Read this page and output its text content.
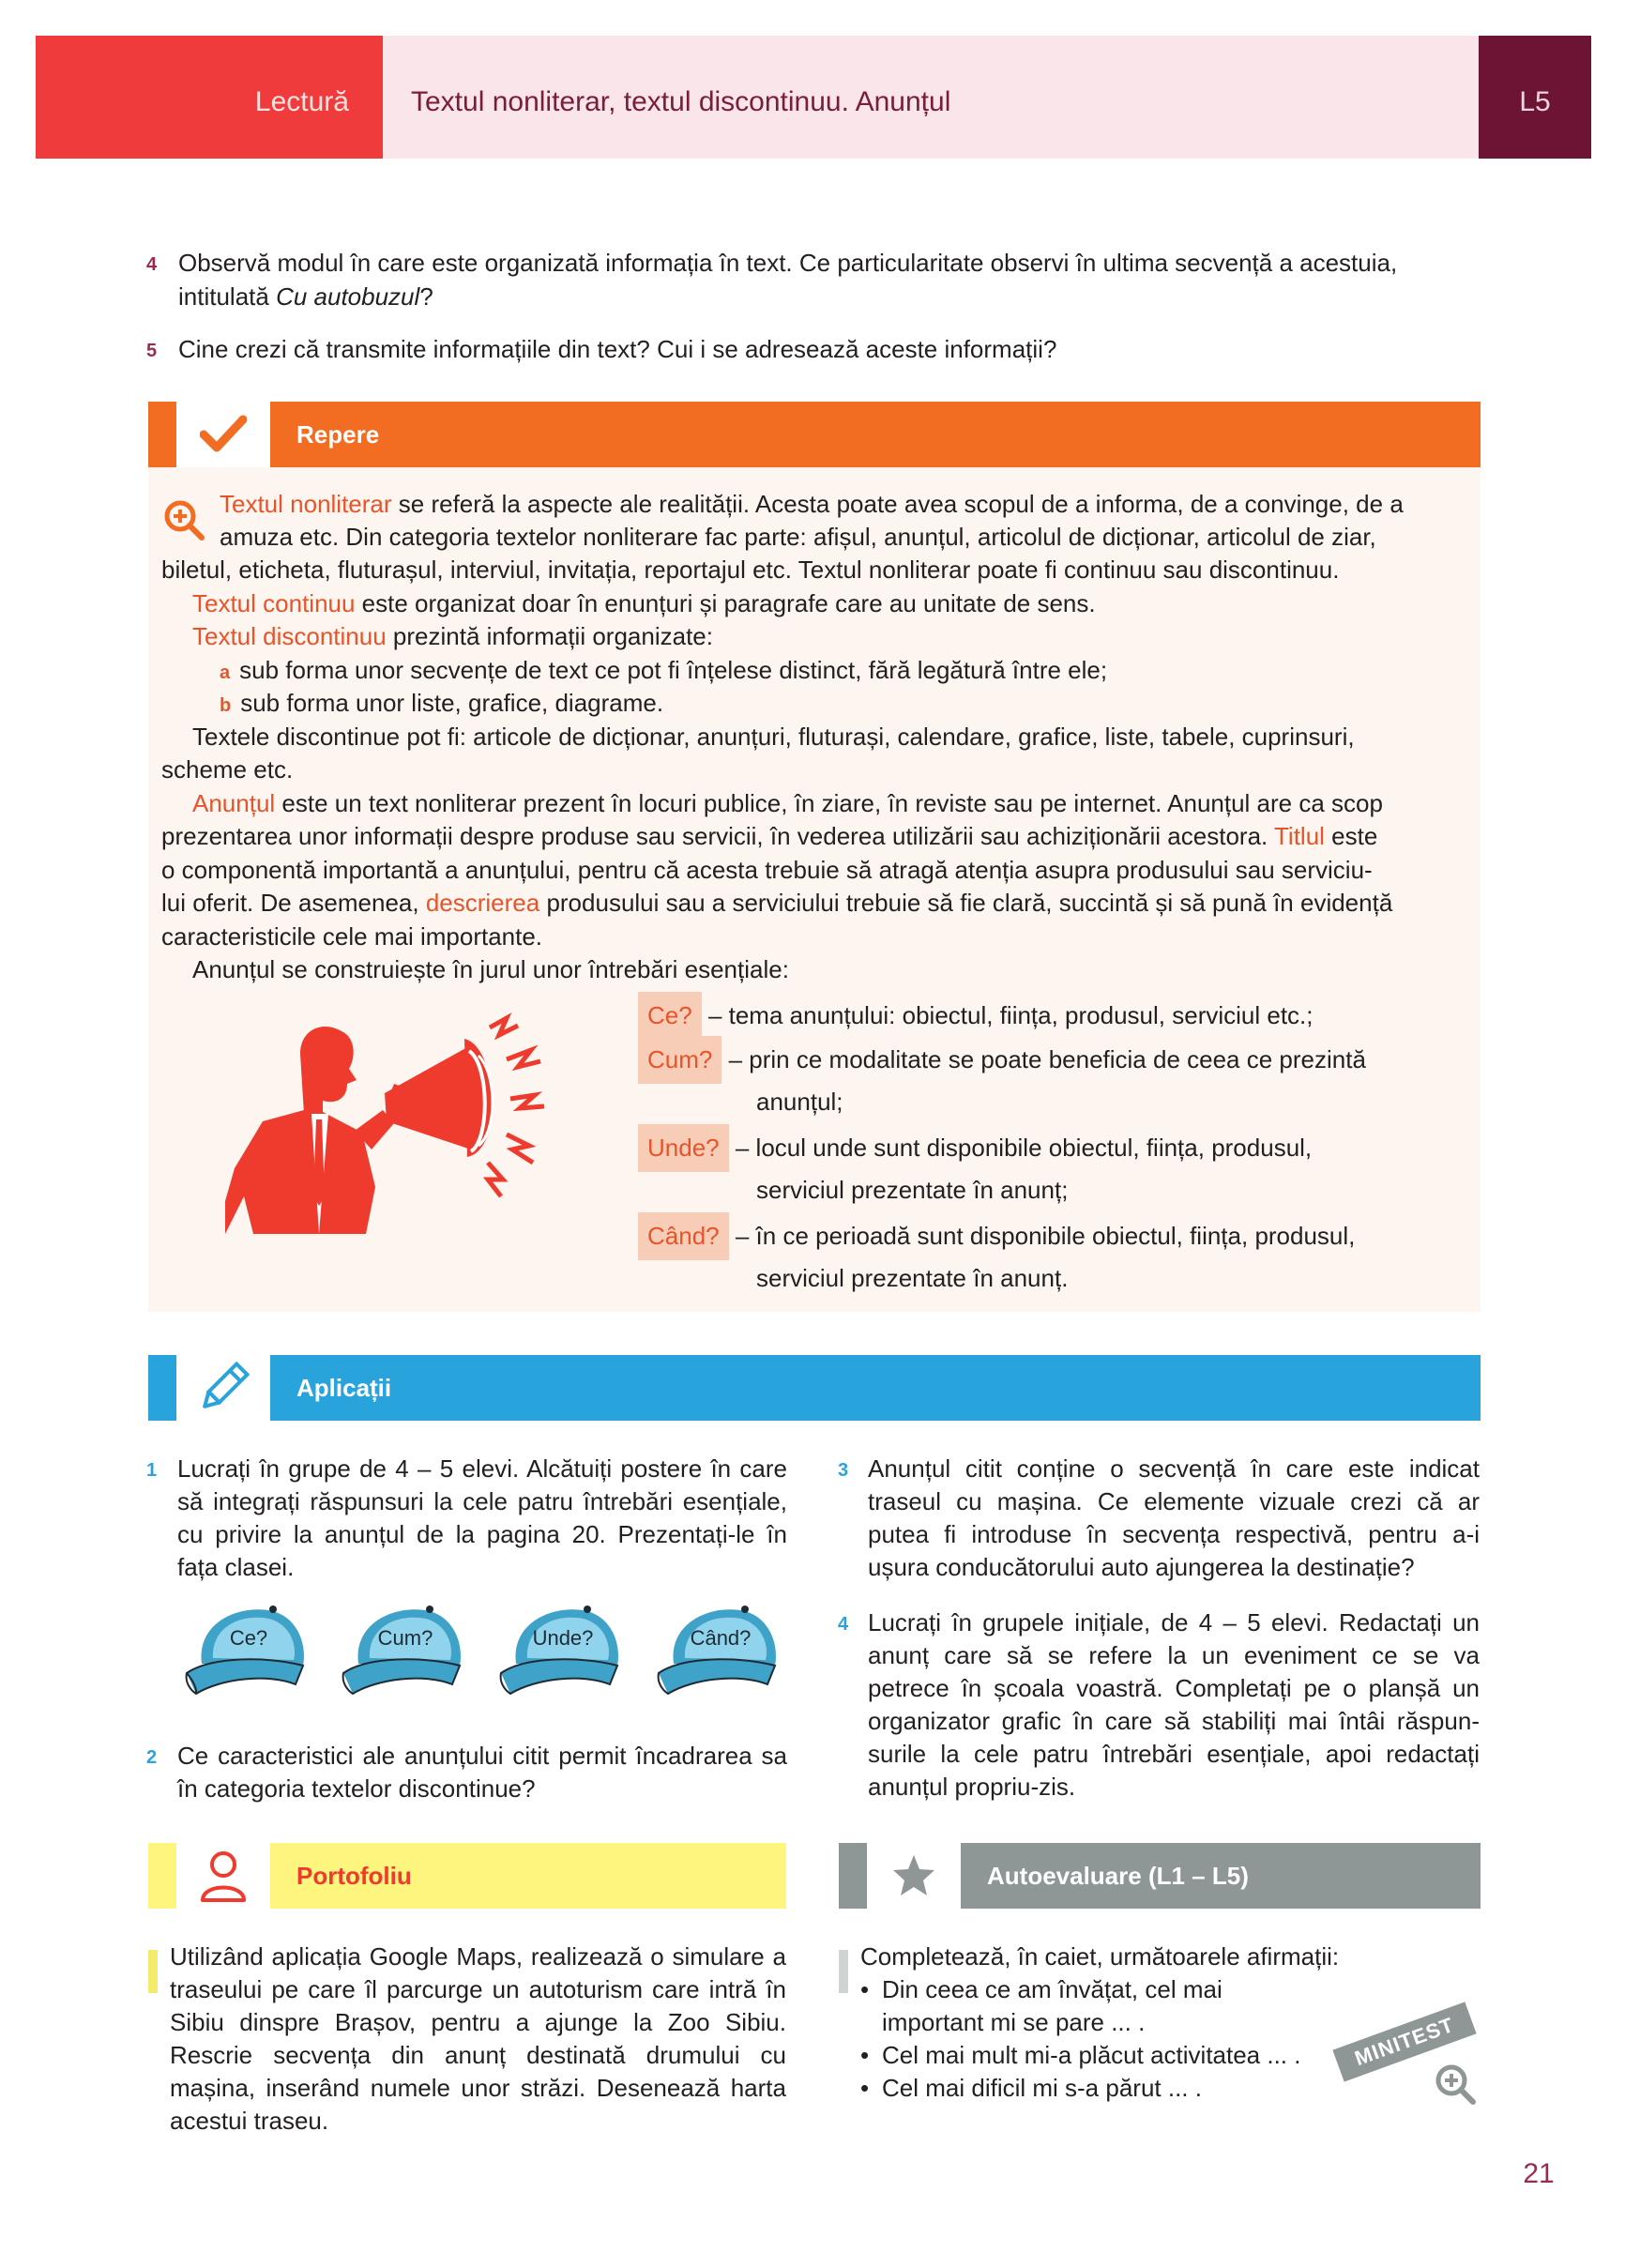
Lectură	Textul nonliterar, textul discontinuu. Anunțul	L5
4 Observă modul în care este organizată informația în text. Ce particularitate observi în ultima secvență a acestuia, intitulată Cu autobuzul?
5 Cine crezi că transmite informațiile din text? Cui i se adresează aceste informații?
Repere
Textul nonliterar se referă la aspecte ale realității. Acesta poate avea scopul de a informa, de a convinge, de a
amuza etc. Din categoria textelor nonliterare fac parte: afișul, anunțul, articolul de dicționar, articolul de ziar,
biletul, eticheta, fluturașul, interviul, invitația, reportajul etc. Textul nonliterar poate fi continuu sau discontinuu.
Textul continuu este organizat doar în enunțuri și paragrafe care au unitate de sens.
Textul discontinuu prezintă informații organizate:
a sub forma unor secvențe de text ce pot fi înțelese distinct, fără legătură între ele;
b sub forma unor liste, grafice, diagrame.
Textele discontinue pot fi: articole de dicționar, anunțuri, fluturași, calendare, grafice, liste, tabele, cuprinsuri,
scheme etc.
Anunțul este un text nonliterar prezent în locuri publice, în ziare, în reviste sau pe internet. Anunțul are ca scop
prezentarea unor informații despre produse sau servicii, în vederea utilizării sau achiziționării acestora. Titlul este
o componentă importantă a anunțului, pentru că acesta trebuie să atragă atenția asupra produsului sau serviciu-
lui oferit. De asemenea, descrierea produsului sau a serviciului trebuie să fie clară, succintă și să pună în evidență
caracteristicile cele mai importante.
Anunțul se construiește în jurul unor întrebări esențiale:
Ce? – tema anunțului: obiectul, ființa, produsul, serviciul etc.;
Cum? – prin ce modalitate se poate beneficia de ceea ce prezintă
anunțul;
Unde? – locul unde sunt disponibile obiectul, ființa, produsul,
serviciul prezentate în anunț;
Când? – în ce perioadă sunt disponibile obiectul, ființa, produsul,
serviciul prezentate în anunț.
Aplicații
1 Lucrați în grupe de 4 – 5 elevi. Alcătuiți postere în care să integrați răspunsuri la cele patru întrebări esențiale, cu privire la anunțul de la pagina 20. Prezentați-le în fața clasei.
Ce?	Cum?	Unde?	Când?
2 Ce caracteristici ale anunțului citit permit încadrarea sa în categoria textelor discontinue?
3 Anunțul citit conține o secvență în care este indicat traseul cu mașina. Ce elemente vizuale crezi că ar putea fi introduse în secvența respectivă, pentru a-i ușura conducătorului auto ajungerea la destinație?
4 Lucrați în grupele inițiale, de 4 – 5 elevi. Redactați un anunț care să se refere la un eveniment ce se va petrece în școala voastră. Completați pe o planșă un organizator grafic în care să stabiliți mai întâi răspunsurile la cele patru întrebări esențiale, apoi redactați anunțul propriu-zis.
Portofoliu
Utilizând aplicația Google Maps, realizează o simulare a traseului pe care îl parcurge un autoturism care intră în Sibiu dinspre Brașov, pentru a ajunge la Zoo Sibiu. Rescrie secvența din anunț destinată drumului cu mașina, inserând numele unor străzi. Desenează harta acestui traseu.
Autoevaluare (L1 – L5)
Completează, în caiet, următoarele afirmații:
• Din ceea ce am învățat, cel mai important mi se pare ... .
• Cel mai mult mi-a plăcut activitatea ... .
• Cel mai dificil mi s-a părut ... .
MINITEST
21
